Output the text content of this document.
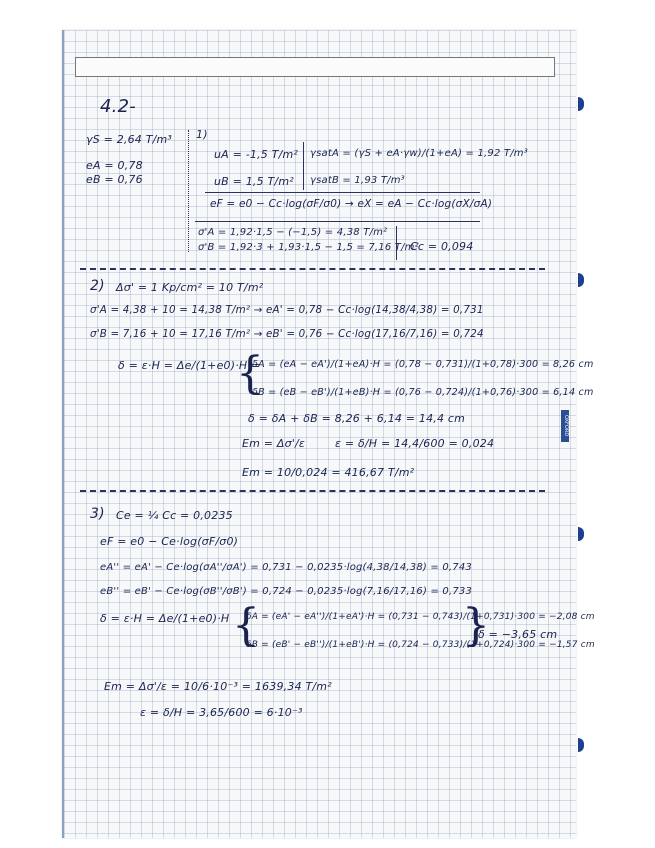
OXFORD
4.2-
γS = 2,64 T/m³
eA = 0,78
eB = 0,76
1)
uA = -1,5 T/m²
uB = 1,5 T/m²
γsatA = (γS + eA·γw)/(1+eA) = 1,92 T/m³
γsatB = 1,93 T/m³
eF = e0 − Cc·log(σF/σ0) → eX = eA − Cc·log(σX/σA)
σ'A = 1,92·1,5 − (−1,5) = 4,38 T/m²
σ'B = 1,92·3 + 1,93·1,5 − 1,5 = 7,16 T/m²
Cc = 0,094
2) Δσ' = 1 Kp/cm² = 10 T/m²
σ'A = 4,38 + 10 = 14,38 T/m² → eA' = 0,78 − Cc·log(14,38/4,38) = 0,731
σ'B = 7,16 + 10 = 17,16 T/m² → eB' = 0,76 − Cc·log(17,16/7,16) = 0,724
δ = ε·H = Δe/(1+e0)·H =
{
δA = (eA − eA')/(1+eA)·H = (0,78 − 0,731)/(1+0,78)·300 = 8,26 cm
δB = (eB − eB')/(1+eB)·H = (0,76 − 0,724)/(1+0,76)·300 = 6,14 cm
δ = δA + δB = 8,26 + 6,14 = 14,4 cm
Em = Δσ'/ε	ε = δ/H = 14,4/600 = 0,024
Em = 10/0,024 = 416,67 T/m²
3) Ce = ¼ Cc = 0,0235
eF = e0 − Ce·log(σF/σ0)
eA'' = eA' − Ce·log(σA''/σA') = 0,731 − 0,0235·log(4,38/14,38) = 0,743
eB'' = eB' − Ce·log(σB''/σB') = 0,724 − 0,0235·log(7,16/17,16) = 0,733
δ = ε·H = Δe/(1+e0)·H {
δA = (eA' − eA'')/(1+eA')·H = (0,731 − 0,743)/(1+0,731)·300 = −2,08 cm
δB = (eB' − eB'')/(1+eB')·H = (0,724 − 0,733)/(1+0,724)·300 = −1,57 cm
}
δ = −3,65 cm
Em = Δσ'/ε = 10/6·10⁻³ = 1639,34 T/m²
ε = δ/H = 3,65/600 = 6·10⁻³
